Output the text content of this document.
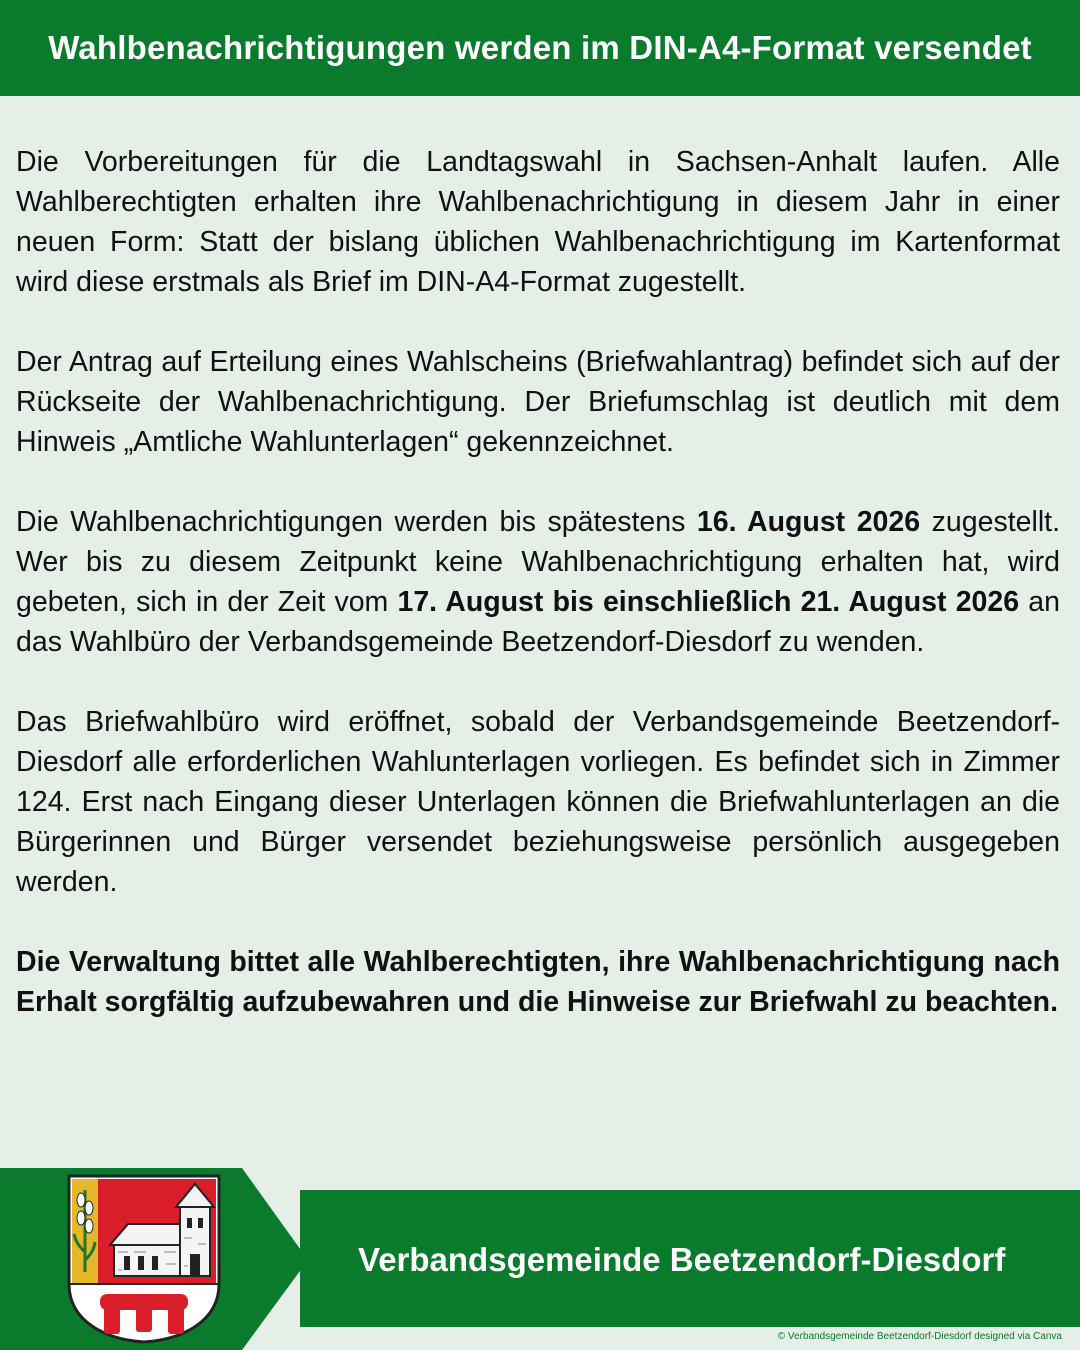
Wahlbenachrichtigungen werden im DIN-A4-Format versendet

Die Vorbereitungen für die Landtagswahl in Sachsen-Anhalt laufen. Alle Wahlberechtigten erhalten ihre Wahlbenachrichtigung in diesem Jahr in einer neuen Form: Statt der bislang üblichen Wahlbenachrichtigung im Kartenformat wird diese erstmals als Brief im DIN-A4-Format zugestellt.

Der Antrag auf Erteilung eines Wahlscheins (Briefwahlantrag) befindet sich auf der Rückseite der Wahlbenachrichtigung. Der Briefumschlag ist deutlich mit dem Hinweis „Amtliche Wahlunterlagen“ gekennzeichnet.

Die Wahlbenachrichtigungen werden bis spätestens 16. August 2026 zugestellt. Wer bis zu diesem Zeitpunkt keine Wahlbenachrichtigung erhalten hat, wird gebeten, sich in der Zeit vom 17. August bis einschließlich 21. August 2026 an das Wahlbüro der Verbandsgemeinde Beetzendorf-Diesdorf zu wenden.

Das Briefwahlbüro wird eröffnet, sobald der Verbandsgemeinde Beetzendorf-Diesdorf alle erforderlichen Wahlunterlagen vorliegen. Es befindet sich in Zimmer 124. Erst nach Eingang dieser Unterlagen können die Briefwahlunterlagen an die Bürgerinnen und Bürger versendet beziehungsweise persönlich ausgegeben werden.

Die Verwaltung bittet alle Wahlberechtigten, ihre Wahlbenachrichtigung nach Erhalt sorgfältig aufzubewahren und die Hinweise zur Briefwahl zu beachten.

Verbandsgemeinde Beetzendorf-Diesdorf
© Verbandsgemeinde Beetzendorf-Diesdorf designed via Canva
